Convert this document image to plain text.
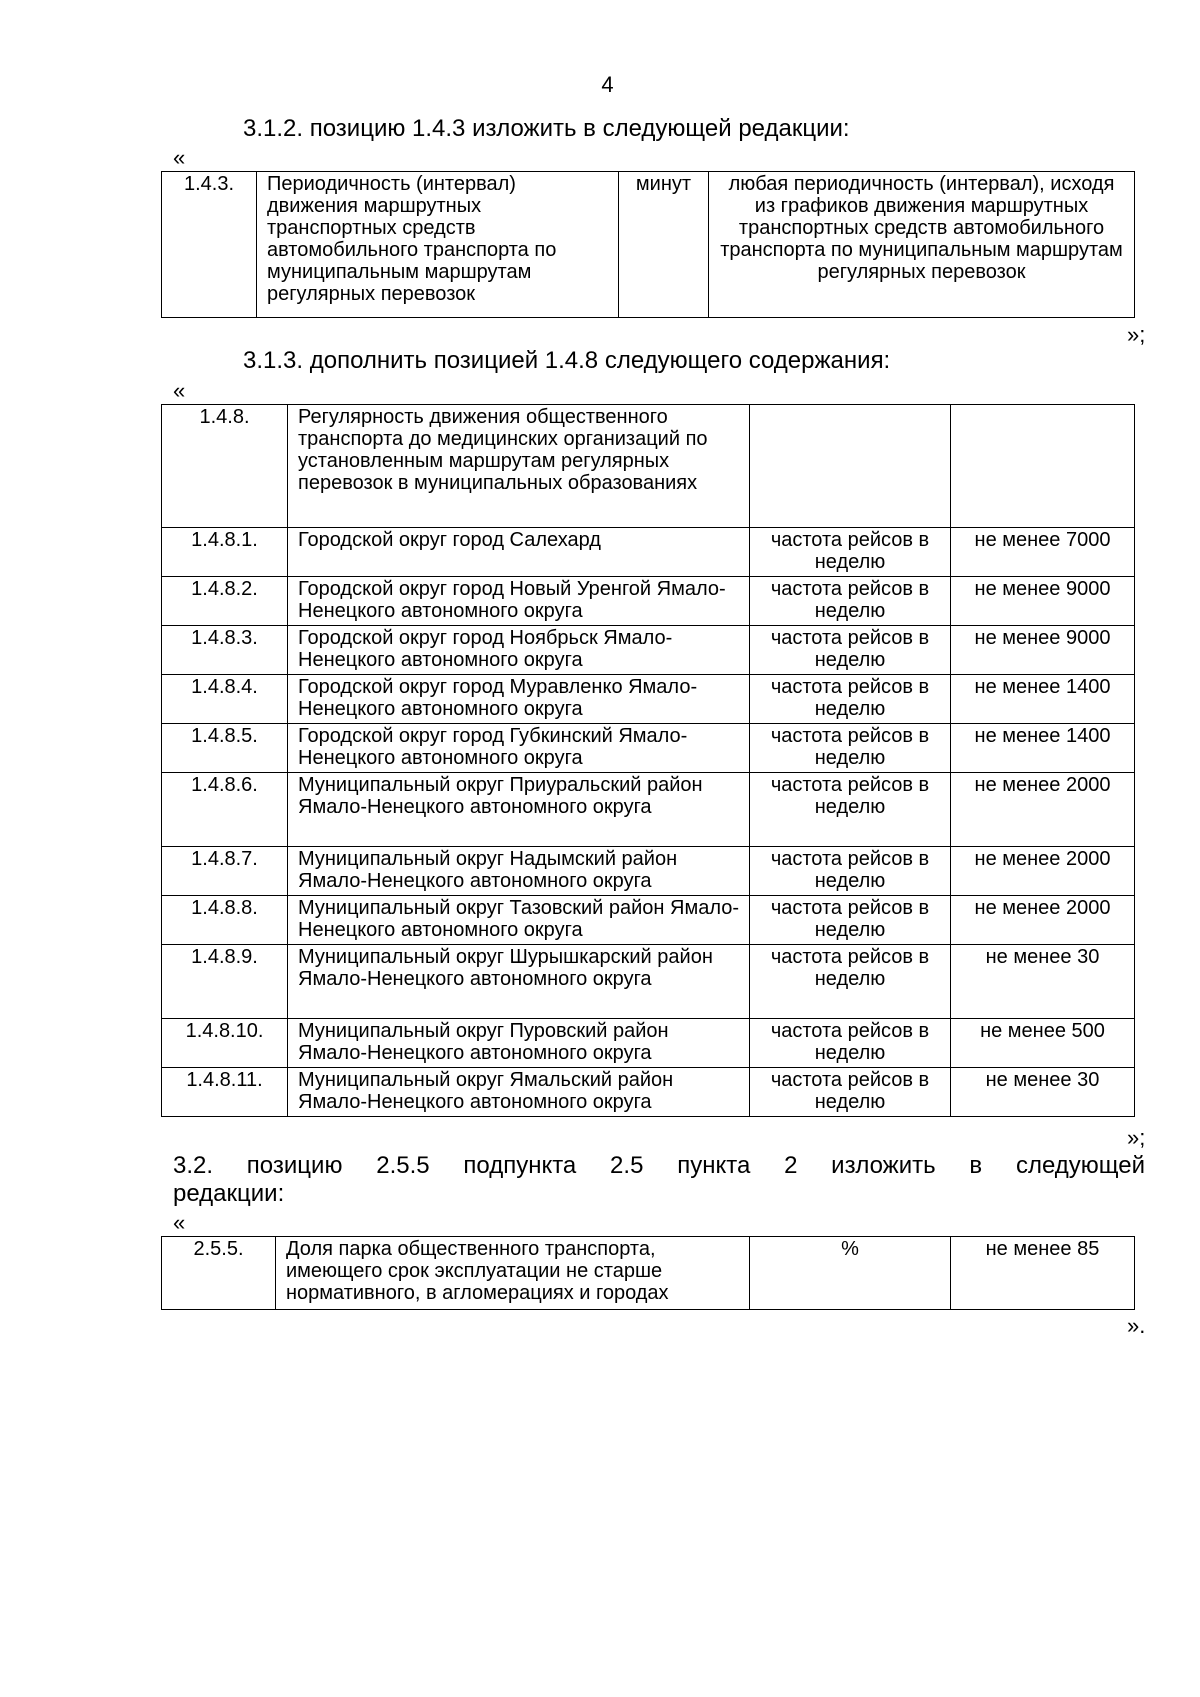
4
3.1.2. позицию 1.4.3 изложить в следующей редакции:
«
1.4.3.	Периодичность (интервал) движения маршрутных транспортных средств автомобильного транспорта по муниципальным маршрутам регулярных перевозок	минут	любая периодичность (интервал), исходя из графиков движения маршрутных транспортных средств автомобильного транспорта по муниципальным маршрутам регулярных перевозок
»;
3.1.3. дополнить позицией 1.4.8 следующего содержания:
«
1.4.8.	Регулярность движения общественного транспорта до медицинских организаций по установленным маршрутам регулярных перевозок в муниципальных образованиях		
1.4.8.1.	Городской округ город Салехард	частота рейсов в неделю	не менее 7000
1.4.8.2.	Городской округ город Новый Уренгой Ямало-Ненецкого автономного округа	частота рейсов в неделю	не менее 9000
1.4.8.3.	Городской округ город Ноябрьск Ямало-Ненецкого автономного округа	частота рейсов в неделю	не менее 9000
1.4.8.4.	Городской округ город Муравленко Ямало-Ненецкого автономного округа	частота рейсов в неделю	не менее 1400
1.4.8.5.	Городской округ город Губкинский Ямало-Ненецкого автономного округа	частота рейсов в неделю	не менее 1400
1.4.8.6.	Муниципальный округ Приуральский район Ямало-Ненецкого автономного округа	частота рейсов в неделю	не менее 2000
1.4.8.7.	Муниципальный округ Надымский район Ямало-Ненецкого автономного округа	частота рейсов в неделю	не менее 2000
1.4.8.8.	Муниципальный округ Тазовский район Ямало-Ненецкого автономного округа	частота рейсов в неделю	не менее 2000
1.4.8.9.	Муниципальный округ Шурышкарский район Ямало-Ненецкого автономного округа	частота рейсов в неделю	не менее 30
1.4.8.10.	Муниципальный округ Пуровский район Ямало-Ненецкого автономного округа	частота рейсов в неделю	не менее 500
1.4.8.11.	Муниципальный округ Ямальский район Ямало-Ненецкого автономного округа	частота рейсов в неделю	не менее 30
»;
3.2. позицию 2.5.5 подпункта 2.5 пункта 2 изложить в следующей
редакции:
«
2.5.5.	Доля парка общественного транспорта, имеющего срок эксплуатации не старше нормативного, в агломерациях и городах	%	не менее 85
».
